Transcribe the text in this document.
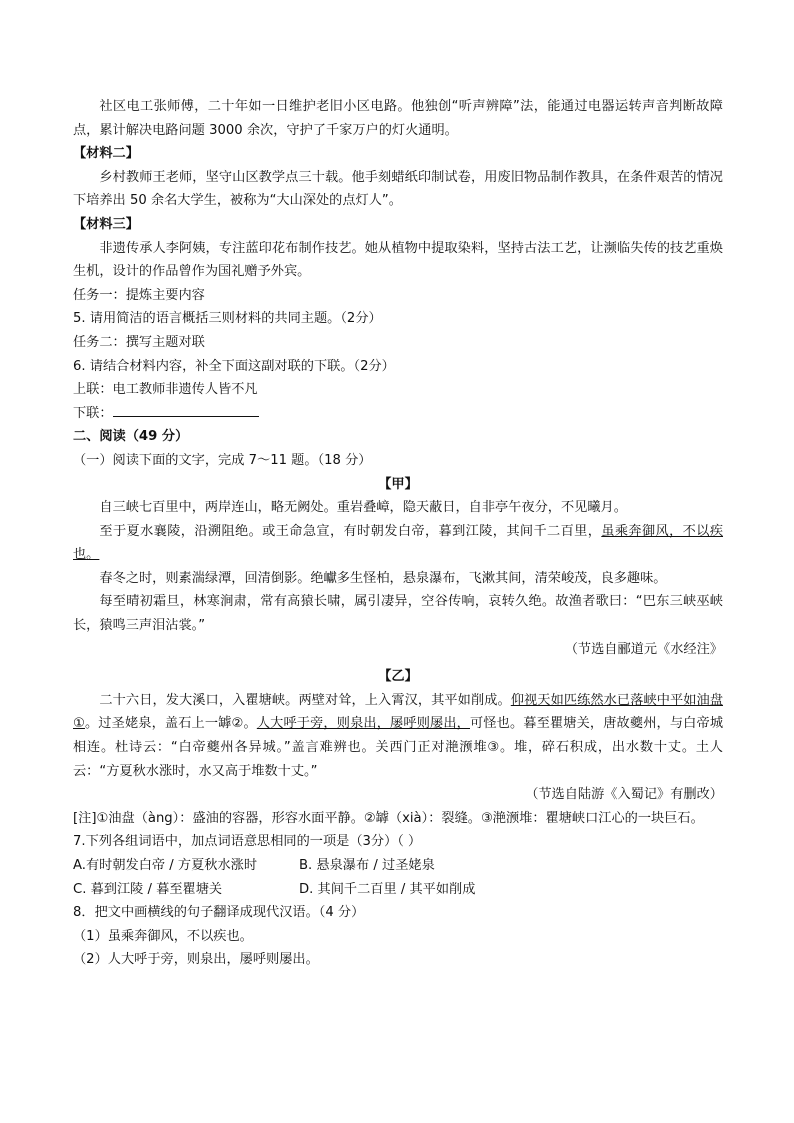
社区电工张师傅，二十年如一日维护老旧小区电路。他独创“听声辨障”法，能通过电器运转声音判断故障点，累计解决电路问题 3000 余次，守护了千家万户的灯火通明。

【材料二】

乡村教师王老师，坚守山区教学点三十载。他手刻蜡纸印制试卷，用废旧物品制作教具，在条件艰苦的情况下培养出 50 余名大学生，被称为“大山深处的点灯人”。

【材料三】

非遗传承人李阿姨，专注蓝印花布制作技艺。她从植物中提取染料，坚持古法工艺，让濒临失传的技艺重焕生机，设计的作品曾作为国礼赠予外宾。

任务一：提炼主要内容

5. 请用简洁的语言概括三则材料的共同主题。（2分）

任务二：撰写主题对联

6. 请结合材料内容，补全下面这副对联的下联。（2分）

上联：电工教师非遗传人皆不凡

下联：

二、阅读（49 分）

（一）阅读下面的文字，完成 7～11 题。（18 分）

【甲】

自三峡七百里中，两岸连山，略无阙处。重岩叠嶂，隐天蔽日，自非亭午夜分，不见曦月。

至于夏水襄陵，沿溯阻绝。或王命急宣，有时朝发白帝，暮到江陵，其间千二百里，虽乘奔御风，不以疾也。

春冬之时，则素湍绿潭，回清倒影。绝巘多生怪柏，悬泉瀑布，飞漱其间，清荣峻茂，良多趣味。

每至晴初霜旦，林寒涧肃，常有高猿长啸，属引凄异，空谷传响，哀转久绝。故渔者歌曰：“巴东三峡巫峡长，猿鸣三声泪沾裳。”

（节选自郦道元《水经注》

【乙】

二十六日，发大溪口，入瞿塘峡。两壁对耸，上入霄汉，其平如削成。仰视天如匹练然水已落峡中平如油盘①。过圣姥泉，盖石上一罅②。人大呼于旁，则泉出，屡呼则屡出，可怪也。暮至瞿塘关，唐故夔州，与白帝城相连。杜诗云：“白帝夔州各异城。”盖言难辨也。关西门正对滟滪堆③。堆，碎石积成，出水数十丈。土人云：“方夏秋水涨时，水又高于堆数十丈。”

（节选自陆游《入蜀记》有删改）

[注]①油盘（àng）：盛油的容器，形容水面平静。②罅（xià）：裂缝。③滟滪堆：瞿塘峡口江心的一块巨石。

7.下列各组词语中，加点词语意思相同的一项是（3分）（ ）

A.有时朝发白帝 / 方夏秋水涨时	B. 悬泉瀑布 / 过圣姥泉
C. 暮到江陵 / 暮至瞿塘关	D. 其间千二百里 / 其平如削成

8．把文中画横线的句子翻译成现代汉语。（4 分）

（1）虽乘奔御风，不以疾也。

（2）人大呼于旁，则泉出，屡呼则屡出。
